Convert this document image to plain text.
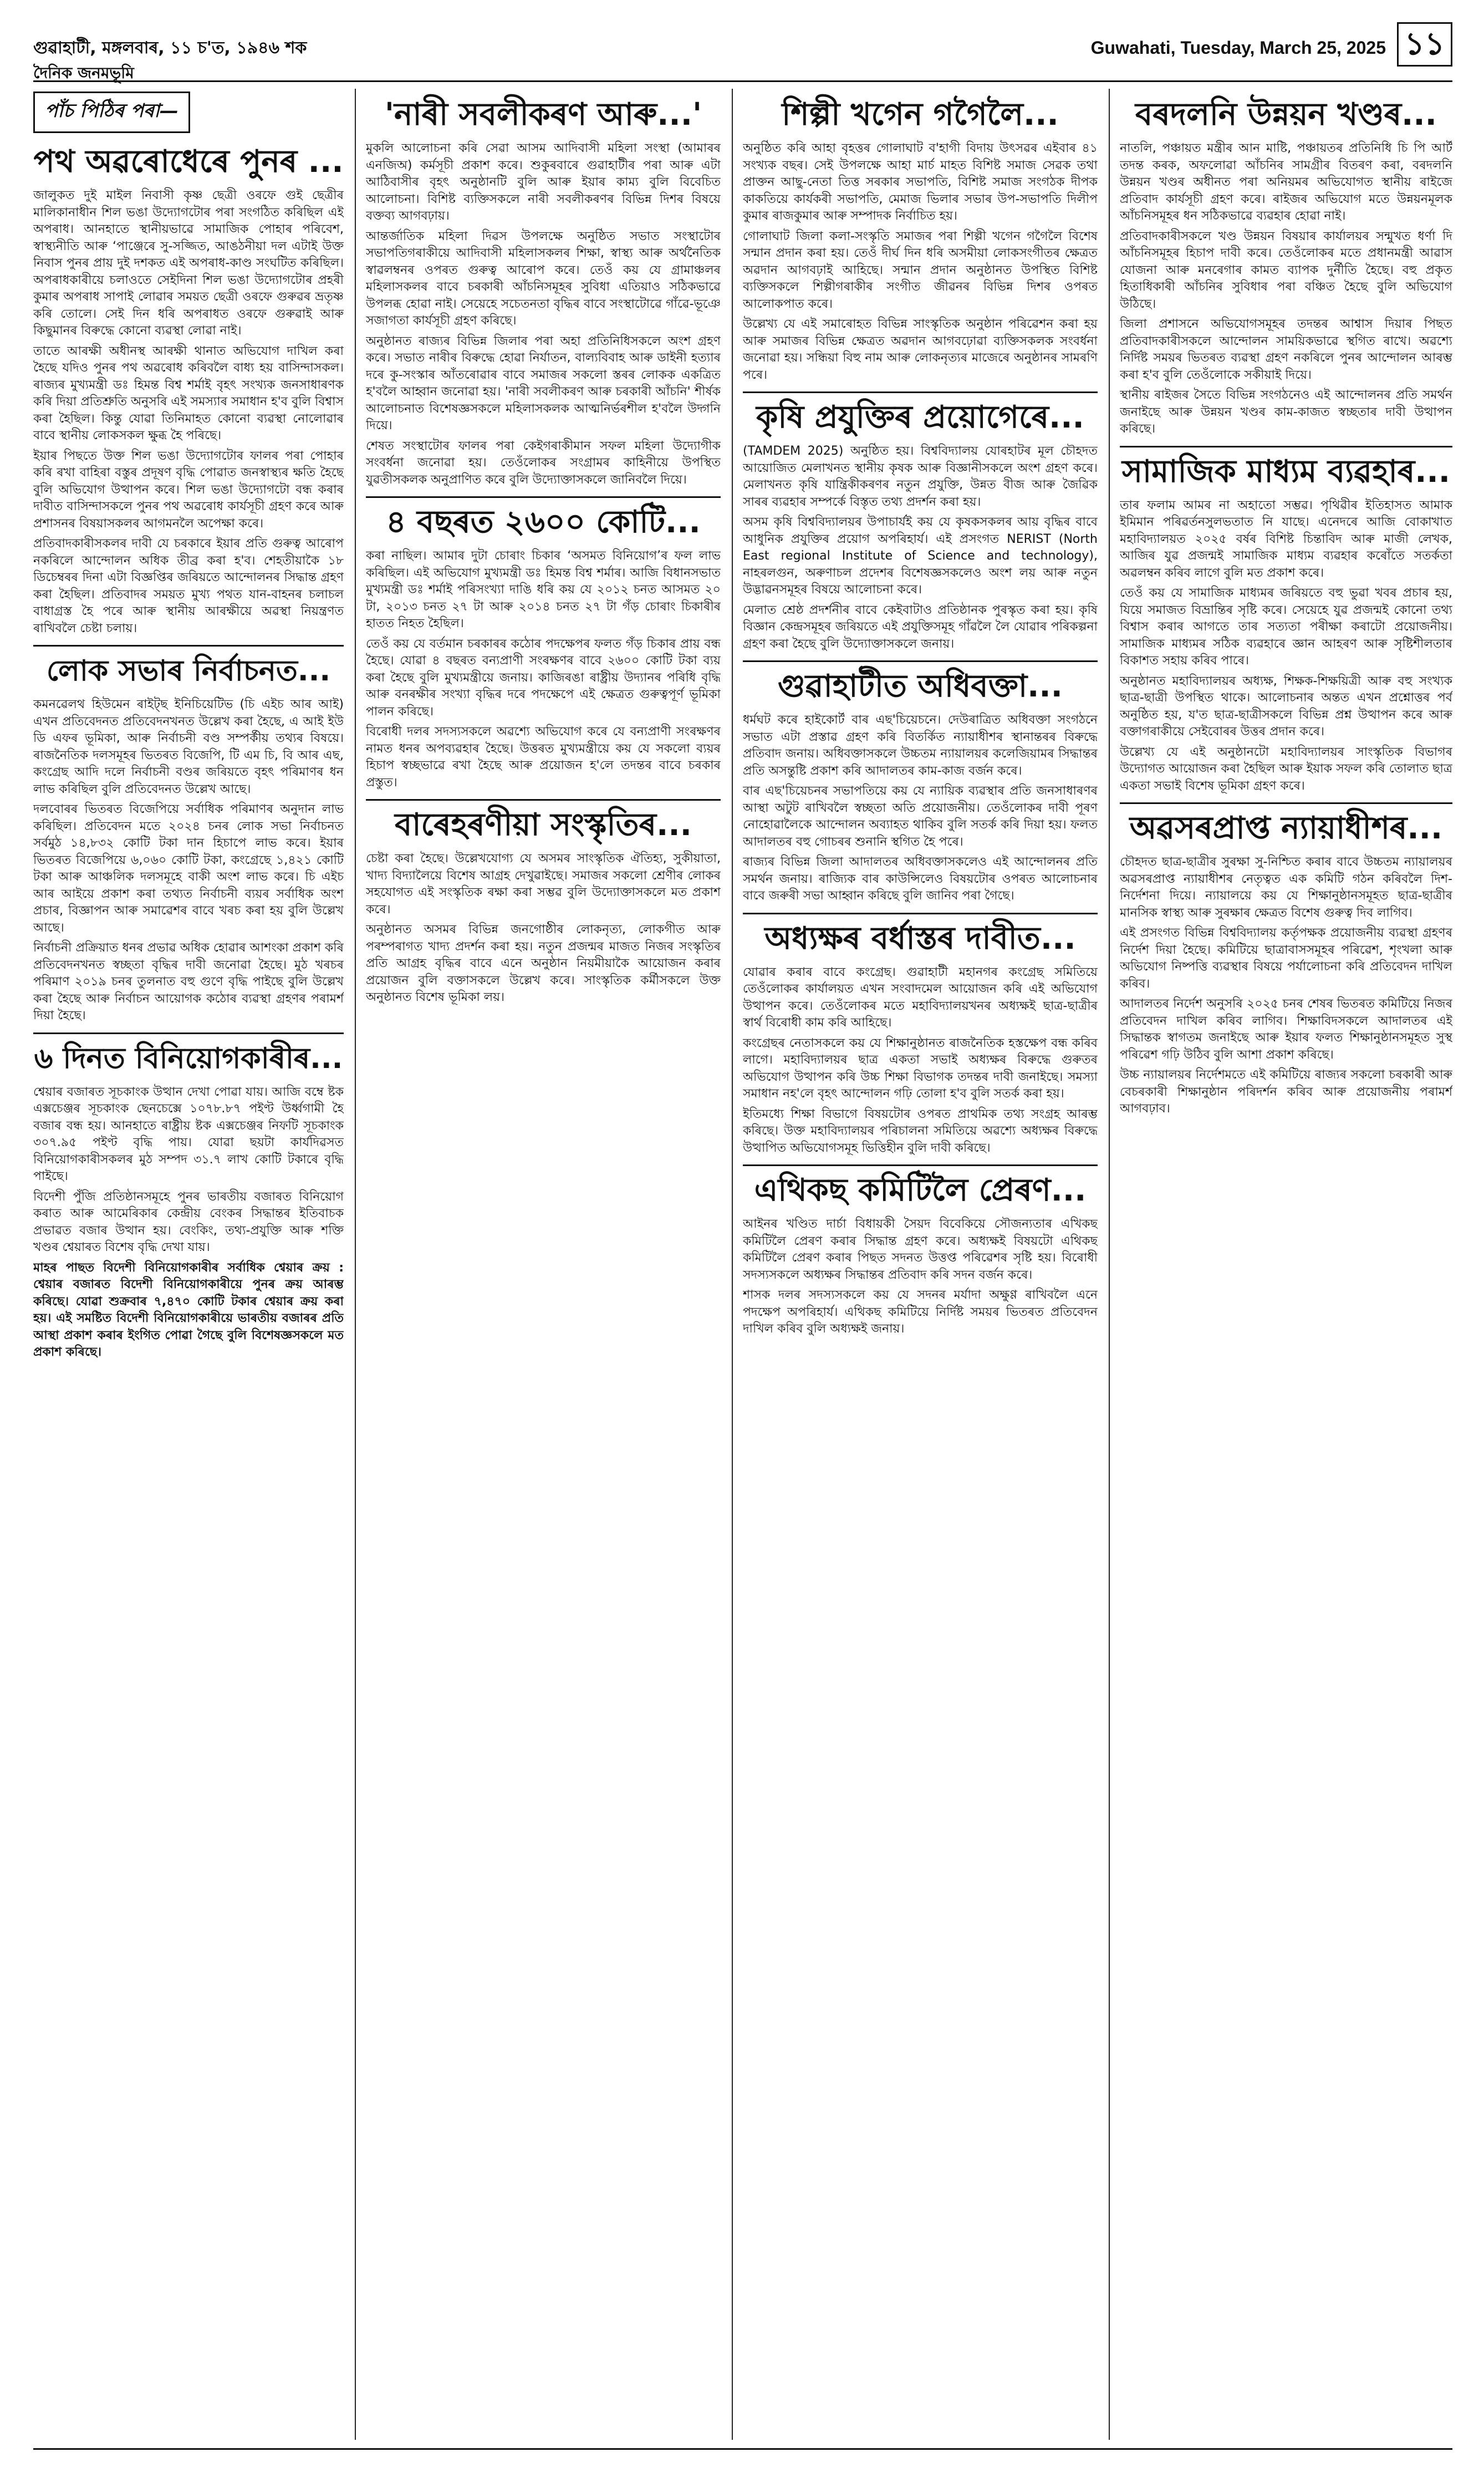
গুৱাহাটী, মঙ্গলবাৰ, ১১ চ'ত, ১৯৪৬ শক
দৈনিক জনমভূমি
Guwahati, Tuesday, March 25, 2025 ১১
পাঁচ পিঠিৰ পৰা—
পথ অৱৰোধেৰে পুনৰ ...

জালুকত দুই মাইল নিবাসী কৃষ্ণ ছেত্ৰী ওৰফে গুই ছেত্ৰীৰ মালিকানাধীন শিল ভঙা উদ্যোগটোৰ পৰা সংগঠিত কৰিছিল এই অপৰাধ। আনহাতে স্থানীয়ভাৱে সামাজিক পোহাৰ পৰিবেশ, স্বাস্থ্যনীতি আৰু ‘পাঞ্জেৰে সু-সজ্জিত, আঙঠনীয়া দল এটাই উক্ত নিবাস পুনৰ প্ৰায় দুই দশকত এই অপৰাধ-কাণ্ড সংঘটিত কৰিছিল। অপৰাধকাৰীয়ে চলাওতে সেইদিনা শিল ভঙা উদ্যোগটোৰ প্ৰহৰী কুমাৰ অপৰাধ সাপাই লোৱাৰ সময়ত ছেত্ৰী ওৰফে গুৰুৱৰ ভ্ৰতৃষ্ণ কৰি তোলে। সেই দিন ধৰি অপৰাধত ওৰফে গুৰুৱাই আৰু কিছুমানৰ বিৰুদ্ধে কোনো ব্যৱস্থা লোৱা নাই।

তাতে আৰক্ষী অধীনস্থ আৰক্ষী থানাত অভিযোগ দাখিল কৰা হৈছে যদিও পুনৰ পথ অৱৰোধ কৰিবলৈ বাধ্য হয় বাসিন্দাসকল। ৰাজ্যৰ মুখ্যমন্ত্ৰী ডঃ হিমন্ত বিশ্ব শৰ্মাই বৃহৎ সংখ্যক জনসাধাৰণক কৰি দিয়া প্ৰতিশ্ৰুতি অনুসৰি এই সমস্যাৰ সমাধান হ'ব বুলি বিশ্বাস কৰা হৈছিল। কিন্তু যোৱা তিনিমাহত কোনো ব্যৱস্থা নোলোৱাৰ বাবে স্থানীয় লোকসকল ক্ষুব্ধ হৈ পৰিছে।

ইয়াৰ পিছতে উক্ত শিল ভঙা উদ্যোগটোৰ ফালৰ পৰা পোহাৰ কৰি ৰখা বাহিৰা বস্তুৰ প্ৰদূষণ বৃদ্ধি পোৱাত জনস্বাস্থ্যৰ ক্ষতি হৈছে বুলি অভিযোগ উত্থাপন কৰে। শিল ভঙা উদ্যোগটো বন্ধ কৰাৰ দাবীত বাসিন্দাসকলে পুনৰ পথ অৱৰোধ কাৰ্যসূচী গ্ৰহণ কৰে আৰু প্ৰশাসনৰ বিষয়াসকলৰ আগমনলৈ অপেক্ষা কৰে।

প্ৰতিবাদকাৰীসকলৰ দাবী যে চৰকাৰে ইয়াৰ প্ৰতি গুৰুত্ব আৰোপ নকৰিলে আন্দোলন অধিক তীব্ৰ কৰা হ'ব। শেহতীয়াকৈ ১৮ ডিচেম্বৰৰ দিনা এটা বিজ্ঞপ্তিৰ জৰিয়তে আন্দোলনৰ সিদ্ধান্ত গ্ৰহণ কৰা হৈছিল। প্ৰতিবাদৰ সময়ত মুখ্য পথত যান-বাহনৰ চলাচল বাধাগ্ৰস্ত হৈ পৰে আৰু স্থানীয় আৰক্ষীয়ে অৱস্থা নিয়ন্ত্ৰণত ৰাখিবলৈ চেষ্টা চলায়।

লোক সভাৰ নিৰ্বাচনত...

কমনৱেলথ হিউমেন ৰাইট্‌ছ ইনিচিয়েটিভ (চি এইচ আৰ আই) এখন প্ৰতিবেদনত প্ৰতিবেদনখনত উল্লেখ কৰা হৈছে, এ আই ইউ ডি এফৰ ভূমিকা, আৰু নিৰ্বাচনী বণ্ড সম্পৰ্কীয় তথ্যৰ বিষয়ে। ৰাজনৈতিক দলসমূহৰ ভিতৰত বিজেপি, টি এম চি, বি আৰ এছ, কংগ্ৰেছ আদি দলে নিৰ্বাচনী বণ্ডৰ জৰিয়তে বৃহৎ পৰিমাণৰ ধন লাভ কৰিছিল বুলি প্ৰতিবেদনত উল্লেখ আছে।

দলবোৰৰ ভিতৰত বিজেপিয়ে সৰ্বাধিক পৰিমাণৰ অনুদান লাভ কৰিছিল। প্ৰতিবেদন মতে ২০২৪ চনৰ লোক সভা নিৰ্বাচনত সৰ্বমুঠ ১৪,৮৩২ কোটি টকা দান হিচাপে লাভ কৰে। ইয়াৰ ভিতৰত বিজেপিয়ে ৬,০৬০ কোটি টকা, কংগ্ৰেছে ১,৪২১ কোটি টকা আৰু আঞ্চলিক দলসমূহে বাকী অংশ লাভ কৰে। চি এইচ আৰ আইয়ে প্ৰকাশ কৰা তথ্যত নিৰ্বাচনী ব্যয়ৰ সৰ্বাধিক অংশ প্ৰচাৰ, বিজ্ঞাপন আৰু সমাৱেশৰ বাবে খৰচ কৰা হয় বুলি উল্লেখ আছে।

নিৰ্বাচনী প্ৰক্ৰিয়াত ধনৰ প্ৰভাৱ অধিক হোৱাৰ আশংকা প্ৰকাশ কৰি প্ৰতিবেদনখনত স্বচ্ছতা বৃদ্ধিৰ দাবী জনোৱা হৈছে। মুঠ খৰচৰ পৰিমাণ ২০১৯ চনৰ তুলনাত বহু গুণে বৃদ্ধি পাইছে বুলি উল্লেখ কৰা হৈছে আৰু নিৰ্বাচন আয়োগক কঠোৰ ব্যৱস্থা গ্ৰহণৰ পৰামৰ্শ দিয়া হৈছে।

৬ দিনত বিনিয়োগকাৰীৰ...

শ্বেয়াৰ বজাৰত সূচকাংক উত্থান দেখা পোৱা যায়। আজি বম্বে ষ্টক এক্সচেঞ্জৰ সূচকাংক ছেনচেক্সে ১০৭৮.৮৭ পইণ্ট উৰ্ধ্বগামী হৈ বজাৰ বন্ধ হয়। আনহাতে ৰাষ্ট্ৰীয় ষ্টক এক্সচেঞ্জৰ নিফটি সূচকাংক ৩০৭.৯৫ পইণ্ট বৃদ্ধি পায়। যোৱা ছয়টা কাৰ্যদিৱসত বিনিয়োগকাৰীসকলৰ মুঠ সম্পদ ৩১.৭ লাখ কোটি টকাৰে বৃদ্ধি পাইছে।

বিদেশী পুঁজি প্ৰতিষ্ঠানসমূহে পুনৰ ভাৰতীয় বজাৰত বিনিয়োগ কৰাত আৰু আমেৰিকাৰ কেন্দ্ৰীয় বেংকৰ সিদ্ধান্তৰ ইতিবাচক প্ৰভাৱত বজাৰ উত্থান হয়। বেংকিং, তথ্য-প্ৰযুক্তি আৰু শক্তি খণ্ডৰ শ্বেয়াৰত বিশেষ বৃদ্ধি দেখা যায়।

মাহৰ পাছত বিদেশী বিনিয়োগকাৰীৰ সৰ্বাধিক শ্বেয়াৰ ক্ৰয় : শ্বেয়াৰ বজাৰত বিদেশী বিনিয়োগকাৰীয়ে পুনৰ ক্ৰয় আৰম্ভ কৰিছে। যোৱা শুক্ৰবাৰ ৭,৪৭০ কোটি টকাৰ শ্বেয়াৰ ক্ৰয় কৰা হয়। এই সমষ্টিত বিদেশী বিনিয়োগকাৰীয়ে ভাৰতীয় বজাৰৰ প্ৰতি আস্থা প্ৰকাশ কৰাৰ ইংগিত পোৱা গৈছে বুলি বিশেষজ্ঞসকলে মত প্ৰকাশ কৰিছে।

'নাৰী সবলীকৰণ আৰু...'

মুকলি আলোচনা কৰি সেৱা আসম আদিবাসী মহিলা সংস্থা (আমাৰৰ এনজিঅ) কৰ্মসূচী প্ৰকাশ কৰে। শুকুৰবাৰে গুৱাহাটীৰ পৰা আৰু এটা আঠিবাসীৰ বৃহৎ অনুষ্ঠানটি বুলি আৰু ইয়াৰ কাম্য বুলি বিবেচিত আলোচনা। বিশিষ্ট ব্যক্তিসকলে নাৰী সবলীকৰণৰ বিভিন্ন দিশৰ বিষয়ে বক্তব্য আগবঢ়ায়।

আন্তৰ্জাতিক মহিলা দিৱস উপলক্ষে অনুষ্ঠিত সভাত সংস্থাটোৰ সভাপতিগৰাকীয়ে আদিবাসী মহিলাসকলৰ শিক্ষা, স্বাস্থ্য আৰু অৰ্থনৈতিক স্বাৱলম্বনৰ ওপৰত গুৰুত্ব আৰোপ কৰে। তেওঁ কয় যে গ্ৰামাঞ্চলৰ মহিলাসকলৰ বাবে চৰকাৰী আঁচনিসমূহৰ সুবিধা এতিয়াও সঠিকভাৱে উপলব্ধ হোৱা নাই। সেয়েহে সচেতনতা বৃদ্ধিৰ বাবে সংস্থাটোৱে গাঁৱে-ভূঞে সজাগতা কাৰ্যসূচী গ্ৰহণ কৰিছে।

অনুষ্ঠানত ৰাজ্যৰ বিভিন্ন জিলাৰ পৰা অহা প্ৰতিনিধিসকলে অংশ গ্ৰহণ কৰে। সভাত নাৰীৰ বিৰুদ্ধে হোৱা নিৰ্যাতন, বাল্যবিবাহ আৰু ডাইনী হত্যাৰ দৰে কু-সংস্কাৰ আঁতৰোৱাৰ বাবে সমাজৰ সকলো স্তৰৰ লোকক একত্ৰিত হ'বলৈ আহ্বান জনোৱা হয়। 'নাৰী সবলীকৰণ আৰু চৰকাৰী আঁচনি' শীৰ্ষক আলোচনাত বিশেষজ্ঞসকলে মহিলাসকলক আত্মনিৰ্ভৰশীল হ'বলৈ উদ্গনি দিয়ে।

শেষত সংস্থাটোৰ ফালৰ পৰা কেইগৰাকীমান সফল মহিলা উদ্যোগীক সংবৰ্ধনা জনোৱা হয়। তেওঁলোকৰ সংগ্ৰামৰ কাহিনীয়ে উপস্থিত যুৱতীসকলক অনুপ্ৰাণিত কৰে বুলি উদ্যোক্তাসকলে জানিবলৈ দিয়ে।

৪ বছৰত ২৬০০ কোটি...

কৰা নাছিল। আমাৰ দুটা চোৰাং চিকাৰ ‘অসমত বিনিয়োগ’ৰ ফল লাভ কৰিছিল। এই অভিযোগ মুখ্যমন্ত্ৰী ডঃ হিমন্ত বিশ্ব শৰ্মাৰ। আজি বিধানসভাত মুখ্যমন্ত্ৰী ডঃ শৰ্মাই পৰিসংখ্যা দাঙি ধৰি কয় যে ২০১২ চনত আসমত ২০ টা, ২০১৩ চনত ২৭ টা আৰু ২০১৪ চনত ২৭ টা গঁড় চোৰাং চিকাৰীৰ হাতত নিহত হৈছিল।

তেওঁ কয় যে বৰ্তমান চৰকাৰৰ কঠোৰ পদক্ষেপৰ ফলত গঁড় চিকাৰ প্ৰায় বন্ধ হৈছে। যোৱা ৪ বছৰত বন্যপ্ৰাণী সংৰক্ষণৰ বাবে ২৬০০ কোটি টকা ব্যয় কৰা হৈছে বুলি মুখ্যমন্ত্ৰীয়ে জনায়। কাজিৰঙা ৰাষ্ট্ৰীয় উদ্যানৰ পৰিধি বৃদ্ধি আৰু বনৰক্ষীৰ সংখ্যা বৃদ্ধিৰ দৰে পদক্ষেপে এই ক্ষেত্ৰত গুৰুত্বপূৰ্ণ ভূমিকা পালন কৰিছে।

বিৰোধী দলৰ সদস্যসকলে অৱশ্যে অভিযোগ কৰে যে বন্যপ্ৰাণী সংৰক্ষণৰ নামত ধনৰ অপব্যৱহাৰ হৈছে। উত্তৰত মুখ্যমন্ত্ৰীয়ে কয় যে সকলো ব্যয়ৰ হিচাপ স্বচ্ছভাৱে ৰখা হৈছে আৰু প্ৰয়োজন হ'লে তদন্তৰ বাবে চৰকাৰ প্ৰস্তুত।

বাৰেহৰণীয়া সংস্কৃতিৰ...

চেষ্টা কৰা হৈছে। উল্লেখযোগ্য যে অসমৰ সাংস্কৃতিক ঐতিহ্য, সুকীয়াতা, খাদ্য বিদ্যালৈয়ে বিশেষ আগ্ৰহ দেখুৱাইছে। সমাজৰ সকলো শ্ৰেণীৰ লোকৰ সহযোগত এই সংস্কৃতিক ৰক্ষা কৰা সম্ভৱ বুলি উদ্যোক্তাসকলে মত প্ৰকাশ কৰে।

অনুষ্ঠানত অসমৰ বিভিন্ন জনগোষ্ঠীৰ লোকনৃত্য, লোকগীত আৰু পৰম্পৰাগত খাদ্য প্ৰদৰ্শন কৰা হয়। নতুন প্ৰজন্মৰ মাজত নিজৰ সংস্কৃতিৰ প্ৰতি আগ্ৰহ বৃদ্ধিৰ বাবে এনে অনুষ্ঠান নিয়মীয়াকৈ আয়োজন কৰাৰ প্ৰয়োজন বুলি বক্তাসকলে উল্লেখ কৰে। সাংস্কৃতিক কৰ্মীসকলে উক্ত অনুষ্ঠানত বিশেষ ভূমিকা লয়।

শিল্পী খগেন গগৈলৈ...

অনুষ্ঠিত কৰি আহা বৃহত্তৰ গোলাঘাট ব'হাগী বিদায় উৎসৱৰ এইবাৰ ৪১ সংখ্যক বছৰ। সেই উপলক্ষে আহা মাৰ্চ মাহত বিশিষ্ট সমাজ সেৱক তথা প্ৰাক্তন আছু-নেতা তিত্ত সৰকাৰ সভাপতি, বিশিষ্ট সমাজ সংগঠক দীপক কাকতিয়ে কাৰ্যকৰী সভাপতি, মেমাজ ভিলাৰ সভাৰ উপ-সভাপতি দিলীপ কুমাৰ ৰাজকুমাৰ আৰু সম্পাদক নিৰ্বাচিত হয়।

গোলাঘাট জিলা কলা-সংস্কৃতি সমাজৰ পৰা শিল্পী খগেন গগৈলৈ বিশেষ সন্মান প্ৰদান কৰা হয়। তেওঁ দীৰ্ঘ দিন ধৰি অসমীয়া লোকসংগীতৰ ক্ষেত্ৰত অৱদান আগবঢ়াই আহিছে। সন্মান প্ৰদান অনুষ্ঠানত উপস্থিত বিশিষ্ট ব্যক্তিসকলে শিল্পীগৰাকীৰ সংগীত জীৱনৰ বিভিন্ন দিশৰ ওপৰত আলোকপাত কৰে।

উল্লেখ্য যে এই সমাৰোহত বিভিন্ন সাংস্কৃতিক অনুষ্ঠান পৰিৱেশন কৰা হয় আৰু সমাজৰ বিভিন্ন ক্ষেত্ৰত অৱদান আগবঢ়োৱা ব্যক্তিসকলক সংবৰ্ধনা জনোৱা হয়। সন্ধিয়া বিহু নাম আৰু লোকনৃত্যৰ মাজেৰে অনুষ্ঠানৰ সামৰণি পৰে।

কৃষি প্ৰযুক্তিৰ প্ৰয়োগেৰে...

(TAMDEM 2025) অনুষ্ঠিত হয়। বিশ্ববিদ্যালয় যোৰহাটৰ মূল চৌহদত আয়োজিত মেলাখনত স্থানীয় কৃষক আৰু বিজ্ঞানীসকলে অংশ গ্ৰহণ কৰে। মেলাখনত কৃষি যান্ত্ৰিকীকৰণৰ নতুন প্ৰযুক্তি, উন্নত বীজ আৰু জৈৱিক সাৰৰ ব্যৱহাৰ সম্পৰ্কে বিস্তৃত তথ্য প্ৰদৰ্শন কৰা হয়।

অসম কৃষি বিশ্ববিদ্যালয়ৰ উপাচাৰ্যই কয় যে কৃষকসকলৰ আয় বৃদ্ধিৰ বাবে আধুনিক প্ৰযুক্তিৰ প্ৰয়োগ অপৰিহাৰ্য। এই প্ৰসংগত NERIST (North East regional Institute of Science and technology), নাহৰলগুন, অৰুণাচল প্ৰদেশৰ বিশেষজ্ঞসকলেও অংশ লয় আৰু নতুন উদ্ভাৱনসমূহৰ বিষয়ে আলোচনা কৰে।

মেলাত শ্ৰেষ্ঠ প্ৰদৰ্শনীৰ বাবে কেইবাটাও প্ৰতিষ্ঠানক পুৰস্কৃত কৰা হয়। কৃষি বিজ্ঞান কেন্দ্ৰসমূহৰ জৰিয়তে এই প্ৰযুক্তিসমূহ গাঁৱলৈ লৈ যোৱাৰ পৰিকল্পনা গ্ৰহণ কৰা হৈছে বুলি উদ্যোক্তাসকলে জনায়।

গুৱাহাটীত অধিবক্তা...

ধৰ্মঘট কৰে হাইকোৰ্ট বাৰ এছ'চিয়েচনে। দেউৰাত্ৰিত অধিবক্তা সংগঠনে সভাত এটা প্ৰস্তাৱ গ্ৰহণ কৰি বিতৰ্কিত ন্যায়াধীশৰ স্থানান্তৰৰ বিৰুদ্ধে প্ৰতিবাদ জনায়। অধিবক্তাসকলে উচ্চতম ন্যায়ালয়ৰ কলেজিয়ামৰ সিদ্ধান্তৰ প্ৰতি অসন্তুষ্টি প্ৰকাশ কৰি আদালতৰ কাম-কাজ বৰ্জন কৰে।

বাৰ এছ'চিয়েচনৰ সভাপতিয়ে কয় যে ন্যায়িক ব্যৱস্থাৰ প্ৰতি জনসাধাৰণৰ আস্থা অটুট ৰাখিবলৈ স্বচ্ছতা অতি প্ৰয়োজনীয়। তেওঁলোকৰ দাবী পূৰণ নোহোৱালৈকে আন্দোলন অব্যাহত থাকিব বুলি সতৰ্ক কৰি দিয়া হয়। ফলত আদালতৰ বহু গোচৰৰ শুনানি স্থগিত হৈ পৰে।

ৰাজ্যৰ বিভিন্ন জিলা আদালতৰ অধিবক্তাসকলেও এই আন্দোলনৰ প্ৰতি সমৰ্থন জনায়। ৰাজ্যিক বাৰ কাউন্সিলেও বিষয়টোৰ ওপৰত আলোচনাৰ বাবে জৰুৰী সভা আহ্বান কৰিছে বুলি জানিব পৰা গৈছে।

অধ্যক্ষৰ বৰ্ধাস্তৰ দাবীত...

যোৱাৰ কৰাৰ বাবে কংগ্ৰেছ। গুৱাহাটী মহানগৰ কংগ্ৰেছ সমিতিয়ে তেওঁলোকৰ কাৰ্যালয়ত এখন সংবাদমেল আয়োজন কৰি এই অভিযোগ উত্থাপন কৰে। তেওঁলোকৰ মতে মহাবিদ্যালয়খনৰ অধ্যক্ষই ছাত্ৰ-ছাত্ৰীৰ স্বাৰ্থ বিৰোধী কাম কৰি আহিছে।

কংগ্ৰেছৰ নেতাসকলে কয় যে শিক্ষানুষ্ঠানত ৰাজনৈতিক হস্তক্ষেপ বন্ধ কৰিব লাগে। মহাবিদ্যালয়ৰ ছাত্ৰ একতা সভাই অধ্যক্ষৰ বিৰুদ্ধে গুৰুতৰ অভিযোগ উত্থাপন কৰি উচ্চ শিক্ষা বিভাগক তদন্তৰ দাবী জনাইছে। সমস্যা সমাধান নহ'লে বৃহৎ আন্দোলন গঢ়ি তোলা হ'ব বুলি সতৰ্ক কৰা হয়।

ইতিমধ্যে শিক্ষা বিভাগে বিষয়টোৰ ওপৰত প্ৰাথমিক তথ্য সংগ্ৰহ আৰম্ভ কৰিছে। উক্ত মহাবিদ্যালয়ৰ পৰিচালনা সমিতিয়ে অৱশ্যে অধ্যক্ষৰ বিৰুদ্ধে উত্থাপিত অভিযোগসমূহ ভিত্তিহীন বুলি দাবী কৰিছে।

এথিকছ কমিটিলৈ প্ৰেৰণ...

আইনৰ খণ্ডিত দাৰ্চা বিধায়কী সৈয়দ বিবেকিয়ে সৌজন্যতাৰ এখিকছ কমিটিলৈ প্ৰেৰণ কৰাৰ সিদ্ধান্ত গ্ৰহণ কৰে। অধ্যক্ষই বিষয়টো এথিকছ কমিটিলৈ প্ৰেৰণ কৰাৰ পিছত সদনত উত্তপ্ত পৰিৱেশৰ সৃষ্টি হয়। বিৰোধী সদস্যসকলে অধ্যক্ষৰ সিদ্ধান্তৰ প্ৰতিবাদ কৰি সদন বৰ্জন কৰে।

শাসক দলৰ সদস্যসকলে কয় যে সদনৰ মৰ্যাদা অক্ষুণ্ণ ৰাখিবলৈ এনে পদক্ষেপ অপৰিহাৰ্য। এথিকছ কমিটিয়ে নিৰ্দিষ্ট সময়ৰ ভিতৰত প্ৰতিবেদন দাখিল কৰিব বুলি অধ্যক্ষই জনায়।

বৰদলনি উন্নয়ন খণ্ডৰ...

নাতলি, পঞ্চায়ত মন্ত্ৰীৰ আন মাষ্টি, পঞ্চায়তৰ প্ৰতিনিধি চি পি আৰ্ট তদন্ত কৰক, অফলোৱা আঁচনিৰ সামগ্ৰীৰ বিতৰণ কৰা, বৰদলনি উন্নয়ন খণ্ডৰ অধীনত পৰা অনিয়মৰ অভিযোগত স্থানীয় ৰাইজে প্ৰতিবাদ কাৰ্যসূচী গ্ৰহণ কৰে। ৰাইজৰ অভিযোগ মতে উন্নয়নমূলক আঁচনিসমূহৰ ধন সঠিকভাৱে ব্যৱহাৰ হোৱা নাই।

প্ৰতিবাদকাৰীসকলে খণ্ড উন্নয়ন বিষয়াৰ কাৰ্যালয়ৰ সন্মুখত ধৰ্ণা দি আঁচনিসমূহৰ হিচাপ দাবী কৰে। তেওঁলোকৰ মতে প্ৰধানমন্ত্ৰী আৱাস যোজনা আৰু মনৰেগাৰ কামত ব্যাপক দুৰ্নীতি হৈছে। বহু প্ৰকৃত হিতাধিকাৰী আঁচনিৰ সুবিধাৰ পৰা বঞ্চিত হৈছে বুলি অভিযোগ উঠিছে।

জিলা প্ৰশাসনে অভিযোগসমূহৰ তদন্তৰ আশ্বাস দিয়াৰ পিছত প্ৰতিবাদকাৰীসকলে আন্দোলন সাময়িকভাৱে স্থগিত ৰাখে। অৱশ্যে নিৰ্দিষ্ট সময়ৰ ভিতৰত ব্যৱস্থা গ্ৰহণ নকৰিলে পুনৰ আন্দোলন আৰম্ভ কৰা হ'ব বুলি তেওঁলোকে সকীয়াই দিয়ে।

স্থানীয় ৰাইজৰ সৈতে বিভিন্ন সংগঠনেও এই আন্দোলনৰ প্ৰতি সমৰ্থন জনাইছে আৰু উন্নয়ন খণ্ডৰ কাম-কাজত স্বচ্ছতাৰ দাবী উত্থাপন কৰিছে।

সামাজিক মাধ্যম ব্যৱহাৰ...

তাৰ ফলাম আমৰ না অহাতো সম্ভৱ। পৃথিৱীৰ ইতিহাসত আমাক ইমিমান পৰিৱৰ্তনসুলভতাত নি যাছে। এনেদৰে আজি বোকাখাত মহাবিদ্যালয়ত ২০২৫ বৰ্ষৰ বিশিষ্ট চিন্তাবিদ আৰু মাজী লেখক, আজিৰ যুৱ প্ৰজন্মই সামাজিক মাধ্যম ব্যৱহাৰ কৰোঁতে সতৰ্কতা অৱলম্বন কৰিব লাগে বুলি মত প্ৰকাশ কৰে।

তেওঁ কয় যে সামাজিক মাধ্যমৰ জৰিয়তে বহু ভুৱা খবৰ প্ৰচাৰ হয়, যিয়ে সমাজত বিভ্ৰান্তিৰ সৃষ্টি কৰে। সেয়েহে যুৱ প্ৰজন্মই কোনো তথ্য বিশ্বাস কৰাৰ আগতে তাৰ সত্যতা পৰীক্ষা কৰাটো প্ৰয়োজনীয়। সামাজিক মাধ্যমৰ সঠিক ব্যৱহাৰে জ্ঞান আহৰণ আৰু সৃষ্টিশীলতাৰ বিকাশত সহায় কৰিব পাৰে।

অনুষ্ঠানত মহাবিদ্যালয়ৰ অধ্যক্ষ, শিক্ষক-শিক্ষয়িত্ৰী আৰু বহু সংখ্যক ছাত্ৰ-ছাত্ৰী উপস্থিত থাকে। আলোচনাৰ অন্তত এখন প্ৰশ্নোত্তৰ পৰ্ব অনুষ্ঠিত হয়, য'ত ছাত্ৰ-ছাত্ৰীসকলে বিভিন্ন প্ৰশ্ন উত্থাপন কৰে আৰু বক্তাগৰাকীয়ে সেইবোৰৰ উত্তৰ প্ৰদান কৰে।

উল্লেখ্য যে এই অনুষ্ঠানটো মহাবিদ্যালয়ৰ সাংস্কৃতিক বিভাগৰ উদ্যোগত আয়োজন কৰা হৈছিল আৰু ইয়াক সফল কৰি তোলাত ছাত্ৰ একতা সভাই বিশেষ ভূমিকা গ্ৰহণ কৰে।

অৱসৰপ্ৰাপ্ত ন্যায়াধীশৰ...

চৌহদত ছাত্ৰ-ছাত্ৰীৰ সুৰক্ষা সু-নিশ্চিত কৰাৰ বাবে উচ্চতম ন্যায়ালয়ৰ অৱসৰপ্ৰাপ্ত ন্যায়াধীশৰ নেতৃত্বত এক কমিটি গঠন কৰিবলৈ দিশ-নিৰ্দেশনা দিয়ে। ন্যায়ালয়ে কয় যে শিক্ষানুষ্ঠানসমূহত ছাত্ৰ-ছাত্ৰীৰ মানসিক স্বাস্থ্য আৰু সুৰক্ষাৰ ক্ষেত্ৰত বিশেষ গুৰুত্ব দিব লাগিব।

এই প্ৰসংগত বিভিন্ন বিশ্ববিদ্যালয় কৰ্তৃপক্ষক প্ৰয়োজনীয় ব্যৱস্থা গ্ৰহণৰ নিৰ্দেশ দিয়া হৈছে। কমিটিয়ে ছাত্ৰাবাসসমূহৰ পৰিৱেশ, শৃংখলা আৰু অভিযোগ নিষ্পত্তি ব্যৱস্থাৰ বিষয়ে পৰ্যালোচনা কৰি প্ৰতিবেদন দাখিল কৰিব।

আদালতৰ নিৰ্দেশ অনুসৰি ২০২৫ চনৰ শেষৰ ভিতৰত কমিটিয়ে নিজৰ প্ৰতিবেদন দাখিল কৰিব লাগিব। শিক্ষাবিদসকলে আদালতৰ এই সিদ্ধান্তক স্বাগতম জনাইছে আৰু ইয়াৰ ফলত শিক্ষানুষ্ঠানসমূহত সুস্থ পৰিৱেশ গঢ়ি উঠিব বুলি আশা প্ৰকাশ কৰিছে।

উচ্চ ন্যায়ালয়ৰ নিৰ্দেশমতে এই কমিটিয়ে ৰাজ্যৰ সকলো চৰকাৰী আৰু বেচৰকাৰী শিক্ষানুষ্ঠান পৰিদৰ্শন কৰিব আৰু প্ৰয়োজনীয় পৰামৰ্শ আগবঢ়াব।
